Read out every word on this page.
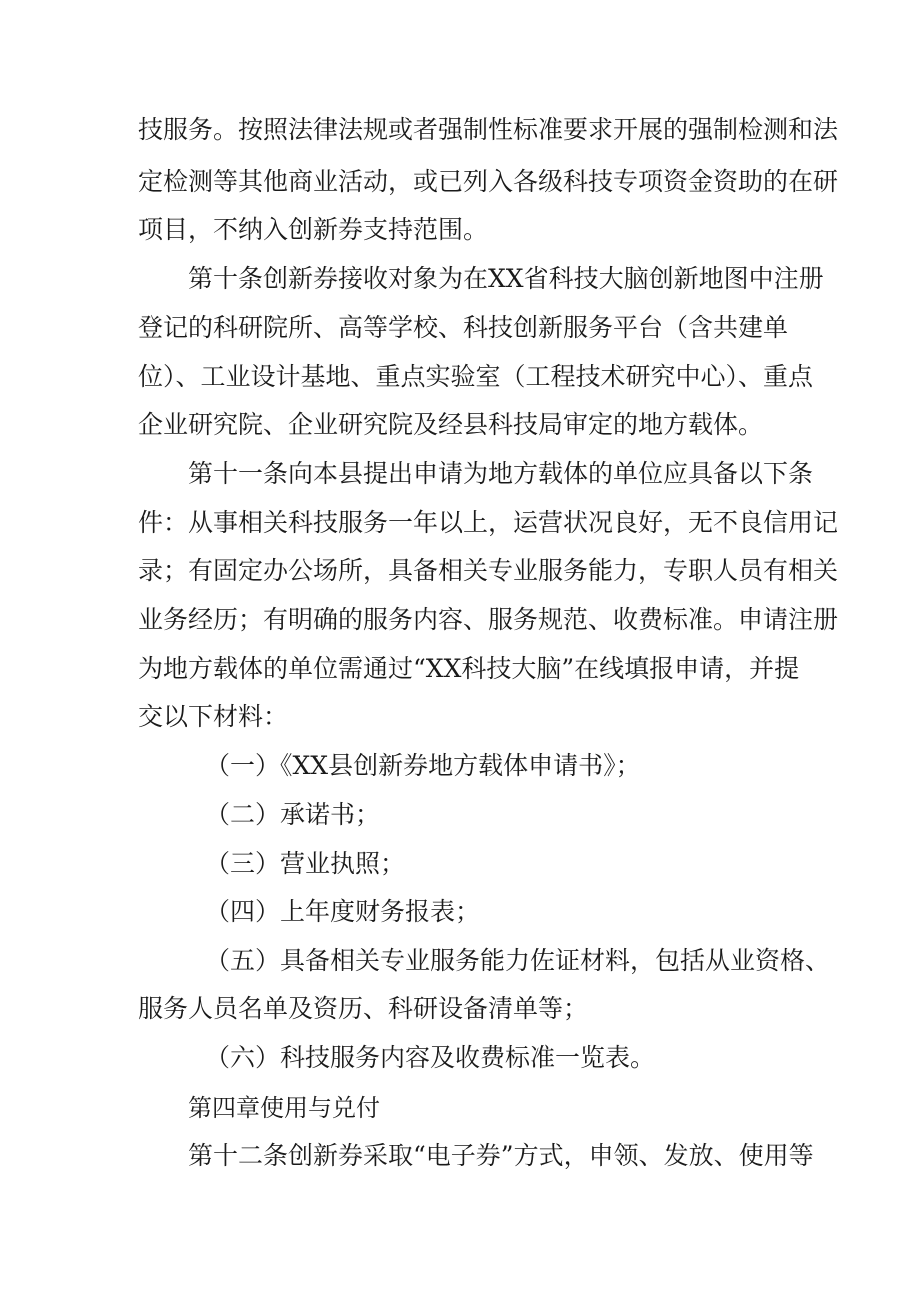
技服务。按照法律法规或者强制性标准要求开展的强制检测和法
定检测等其他商业活动，或已列入各级科技专项资金资助的在研
项目，不纳入创新券支持范围。
第十条创新券接收对象为在XX省科技大脑创新地图中注册
登记的科研院所、高等学校、科技创新服务平台（含共建单
位）、工业设计基地、重点实验室（工程技术研究中心）、重点
企业研究院、企业研究院及经县科技局审定的地方载体。
第十一条向本县提出申请为地方载体的单位应具备以下条
件：从事相关科技服务一年以上，运营状况良好，无不良信用记
录；有固定办公场所，具备相关专业服务能力，专职人员有相关
业务经历；有明确的服务内容、服务规范、收费标准。申请注册
为地方载体的单位需通过“XX科技大脑”在线填报申请，并提
交以下材料：
（一）《XX县创新券地方载体申请书》；
（二）承诺书；
（三）营业执照；
（四）上年度财务报表；
（五）具备相关专业服务能力佐证材料，包括从业资格、
服务人员名单及资历、科研设备清单等；
（六）科技服务内容及收费标准一览表。
第四章使用与兑付
第十二条创新券采取“电子券”方式，申领、发放、使用等
